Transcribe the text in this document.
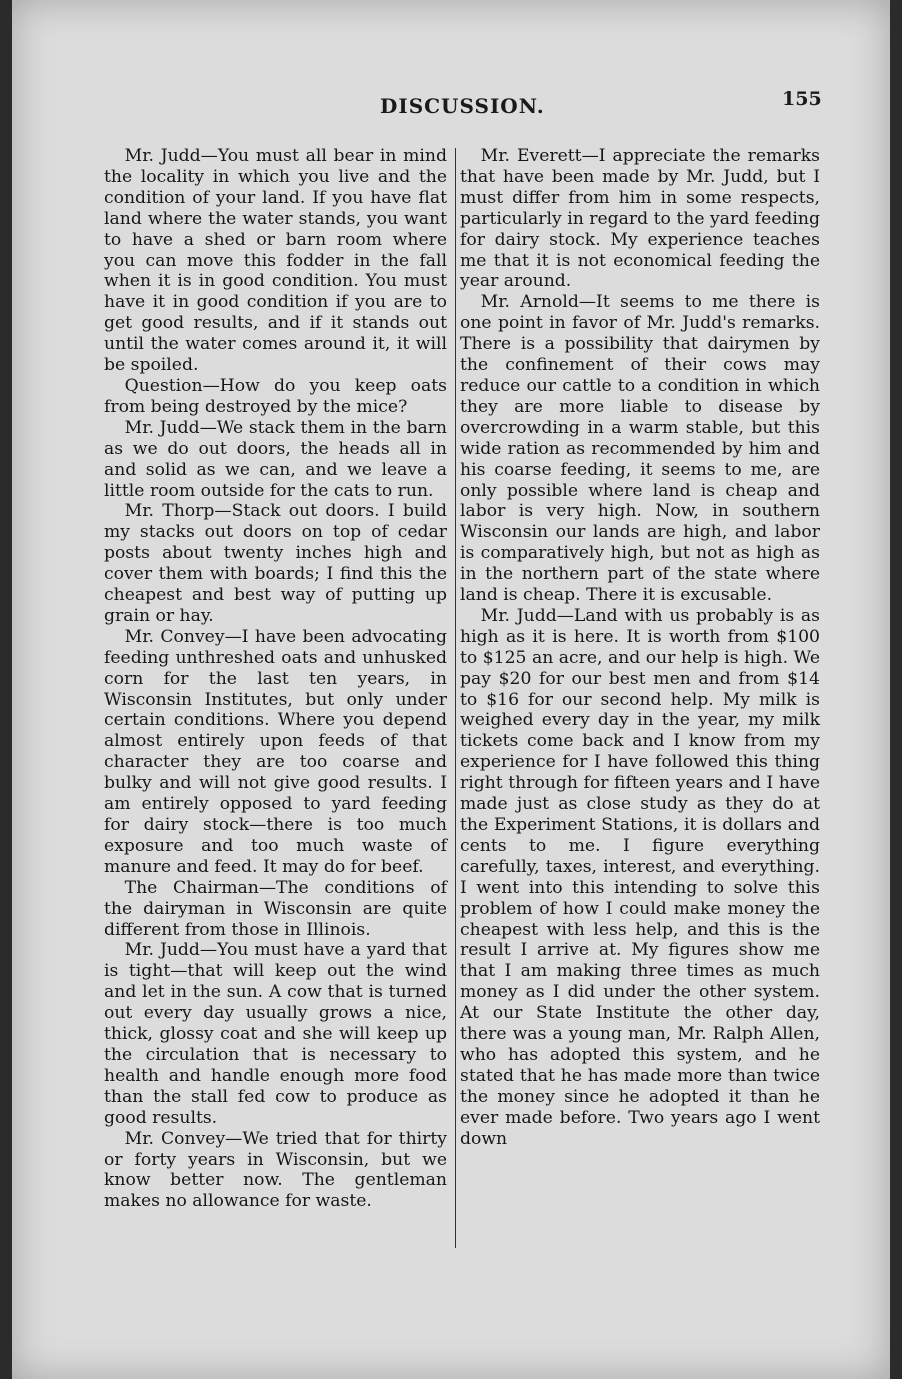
DISCUSSION.	155

Mr. Judd—You must all bear in mind the locality in which you live and the condition of your land. If you have flat land where the water stands, you want to have a shed or barn room where you can move this fodder in the fall when it is in good condition. You must have it in good condition if you are to get good results, and if it stands out until the water comes around it, it will be spoiled.

Question—How do you keep oats from being destroyed by the mice?

Mr. Judd—We stack them in the barn as we do out doors, the heads all in and solid as we can, and we leave a little room outside for the cats to run.

Mr. Thorp—Stack out doors. I build my stacks out doors on top of cedar posts about twenty inches high and cover them with boards; I find this the cheapest and best way of putting up grain or hay.

Mr. Convey—I have been advocating feeding unthreshed oats and unhusked corn for the last ten years, in Wisconsin Institutes, but only under certain conditions. Where you depend almost entirely upon feeds of that character they are too coarse and bulky and will not give good results. I am entirely opposed to yard feeding for dairy stock—there is too much exposure and too much waste of manure and feed. It may do for beef.

The Chairman—The conditions of the dairyman in Wisconsin are quite different from those in Illinois.

Mr. Judd—You must have a yard that is tight—that will keep out the wind and let in the sun. A cow that is turned out every day usually grows a nice, thick, glossy coat and she will keep up the circulation that is necessary to health and handle enough more food than the stall fed cow to produce as good results.

Mr. Convey—We tried that for thirty or forty years in Wisconsin, but we know better now. The gentleman makes no allowance for waste.

Mr. Everett—I appreciate the remarks that have been made by Mr. Judd, but I must differ from him in some respects, particularly in regard to the yard feeding for dairy stock. My experience teaches me that it is not economical feeding the year around.

Mr. Arnold—It seems to me there is one point in favor of Mr. Judd's remarks. There is a possibility that dairymen by the confinement of their cows may reduce our cattle to a condition in which they are more liable to disease by overcrowding in a warm stable, but this wide ration as recommended by him and his coarse feeding, it seems to me, are only possible where land is cheap and labor is very high. Now, in southern Wisconsin our lands are high, and labor is comparatively high, but not as high as in the northern part of the state where land is cheap. There it is excusable.

Mr. Judd—Land with us probably is as high as it is here. It is worth from $100 to $125 an acre, and our help is high. We pay $20 for our best men and from $14 to $16 for our second help. My milk is weighed every day in the year, my milk tickets come back and I know from my experience for I have followed this thing right through for fifteen years and I have made just as close study as they do at the Experiment Stations, it is dollars and cents to me. I figure everything carefully, taxes, interest, and everything. I went into this intending to solve this problem of how I could make money the cheapest with less help, and this is the result I arrive at. My figures show me that I am making three times as much money as I did under the other system. At our State Institute the other day, there was a young man, Mr. Ralph Allen, who has adopted this system, and he stated that he has made more than twice the money since he adopted it than he ever made before. Two years ago I went down
